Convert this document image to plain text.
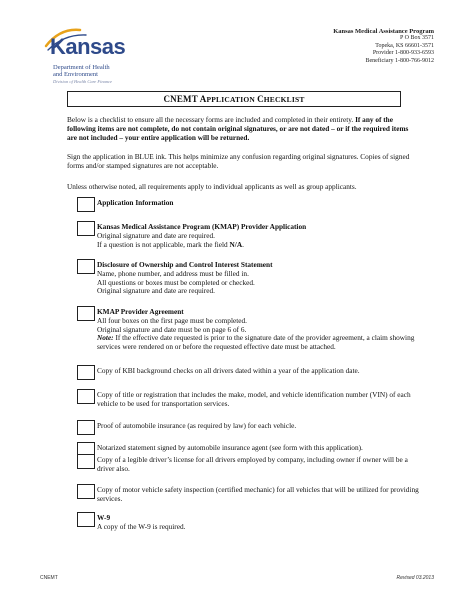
Kansas
Department of Health
and Environment
Division of Health Care Finance
Kansas Medical Assistance Program
P O Box 3571
Topeka, KS 66601-3571
Provider 1-800-933-6593
Beneficiary 1-800-766-9012
CNEMT APPLICATION CHECKLIST
Below is a checklist to ensure all the necessary forms are included and completed in their entirety. If any of the following items are not complete, do not contain original signatures, or are not dated – or if the required items are not included – your entire application will be returned.
Sign the application in BLUE ink. This helps minimize any confusion regarding original signatures. Copies of signed forms and/or stamped signatures are not acceptable.
Unless otherwise noted, all requirements apply to individual applicants as well as group applicants.
Application Information
Kansas Medical Assistance Program (KMAP) Provider Application
Original signature and date are required.
If a question is not applicable, mark the field N/A.
Disclosure of Ownership and Control Interest Statement
Name, phone number, and address must be filled in.
All questions or boxes must be completed or checked.
Original signature and date are required.
KMAP Provider Agreement
All four boxes on the first page must be completed.
Original signature and date must be on page 6 of 6.
Note: If the effective date requested is prior to the signature date of the provider agreement, a claim showing services were rendered on or before the requested effective date must be attached.
Copy of KBI background checks on all drivers dated within a year of the application date.
Copy of title or registration that includes the make, model, and vehicle identification number (VIN) of each vehicle to be used for transportation services.
Proof of automobile insurance (as required by law) for each vehicle.
Notarized statement signed by automobile insurance agent (see form with this application).
Copy of a legible driver’s license for all drivers employed by company, including owner if owner will be a driver also.
Copy of motor vehicle safety inspection (certified mechanic) for all vehicles that will be utilized for providing services.
W-9
A copy of the W-9 is required.
CNEMT	Revised 03.2013
